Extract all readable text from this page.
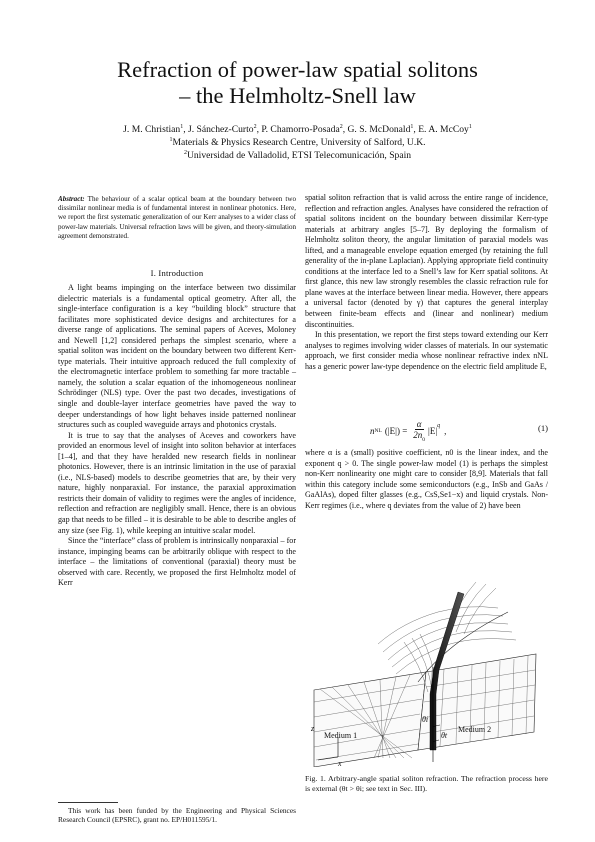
Refraction of power-law spatial solitons
– the Helmholtz-Snell law
J. M. Christian$^1$, J. Sánchez-Curto$^2$, P. Chamorro-Posada$^2$, G. S. McDonald$^1$, E. A. McCoy$^1$
$^1$Materials & Physics Research Centre, University of Salford, U.K.
$^2$Universidad de Valladolid, ETSI Telecomunicación, Spain
Abstract: The behaviour of a scalar optical beam at the boundary between two dissimilar nonlinear media is of fundamental interest in nonlinear photonics. Here, we report the first systematic generalization of our Kerr analyses to a wider class of power-law materials. Universal refraction laws will be given, and theory-simulation agreement demonstrated.
I. Introduction

A light beams impinging on the interface between two dissimilar dielectric materials is a fundamental optical geometry. After all, the single-interface configuration is a key “building block” structure that facilitates more sophisticated device designs and architectures for a diverse range of applications. The seminal papers of Aceves, Moloney and Newell [1,2] considered perhaps the simplest scenario, where a spatial soliton was incident on the boundary between two different Kerr-type materials. Their intuitive approach reduced the full complexity of the electromagnetic interface problem to something far more tractable – namely, the solution a scalar equation of the inhomogeneous nonlinear Schrödinger (NLS) type. Over the past two decades, investigations of single and double-layer interface geometries have paved the way to deeper understandings of how light behaves inside patterned nonlinear structures such as coupled waveguide arrays and photonics crystals.

It is true to say that the analyses of Aceves and coworkers have provided an enormous level of insight into soliton behavior at interfaces [1–4], and that they have heralded new research fields in nonlinear photonics. However, there is an intrinsic limitation in the use of paraxial (i.e., NLS-based) models to describe geometries that are, by their very nature, highly nonparaxial. For instance, the paraxial approximation restricts their domain of validity to regimes were the angles of incidence, reflection and refraction are negligibly small. Hence, there is an obvious gap that needs to be filled – it is desirable to be able to describe angles of any size (see Fig. 1), while keeping an intuitive scalar model.

Since the “interface” class of problem is intrinsically nonparaxial – for instance, impinging beams can be arbitrarily oblique with respect to the interface – the limitations of conventional (paraxial) theory must be observed with care. Recently, we proposed the first Helmholtz model of Kerr

This work has been funded by the Engineering and Physical Sciences Research Council (EPSRC), grant no. EP/H011595/1.

spatial soliton refraction that is valid across the entire range of incidence, reflection and refraction angles. Analyses have considered the refraction of spatial solitons incident on the boundary between dissimilar Kerr-type materials at arbitrary angles [5–7]. By deploying the formalism of Helmholtz soliton theory, the angular limitation of paraxial models was lifted, and a manageable envelope equation emerged (by retaining the full generality of the in-plane Laplacian). Applying appropriate field continuity conditions at the interface led to a Snell’s law for Kerr spatial solitons. At first glance, this new law strongly resembles the classic refraction rule for plane waves at the interface between linear media. However, there appears a universal factor (denoted by γ) that captures the general interplay between finite-beam effects and (linear and nonlinear) medium discontinuities.

In this presentation, we report the first steps toward extending our Kerr analyses to regimes involving wider classes of materials. In our systematic approach, we first consider media whose nonlinear refractive index nNL has a generic power law-type dependence on the electric field amplitude E,

n NL $(|E|) = \frac{\alpha}{2n_0} |E|^q$ ,	(1)

where α is a (small) positive coefficient, n0 is the linear index, and the exponent q > 0. The single power-law model (1) is perhaps the simplest non-Kerr nonlinearity one might care to consider [8,9]. Materials that fall within this category include some semiconductors (e.g., InSb and GaAs / GaAlAs), doped filter glasses (e.g., CsS,Se1−x) and liquid crystals. Non-Kerr regimes (i.e., where q deviates from the value of 2) have been

z
x
Medium 1
Medium 2
θi
θt
Fig. 1. Arbitrary-angle spatial soliton refraction. The refraction process here is external (θt > θi; see text in Sec. III).
